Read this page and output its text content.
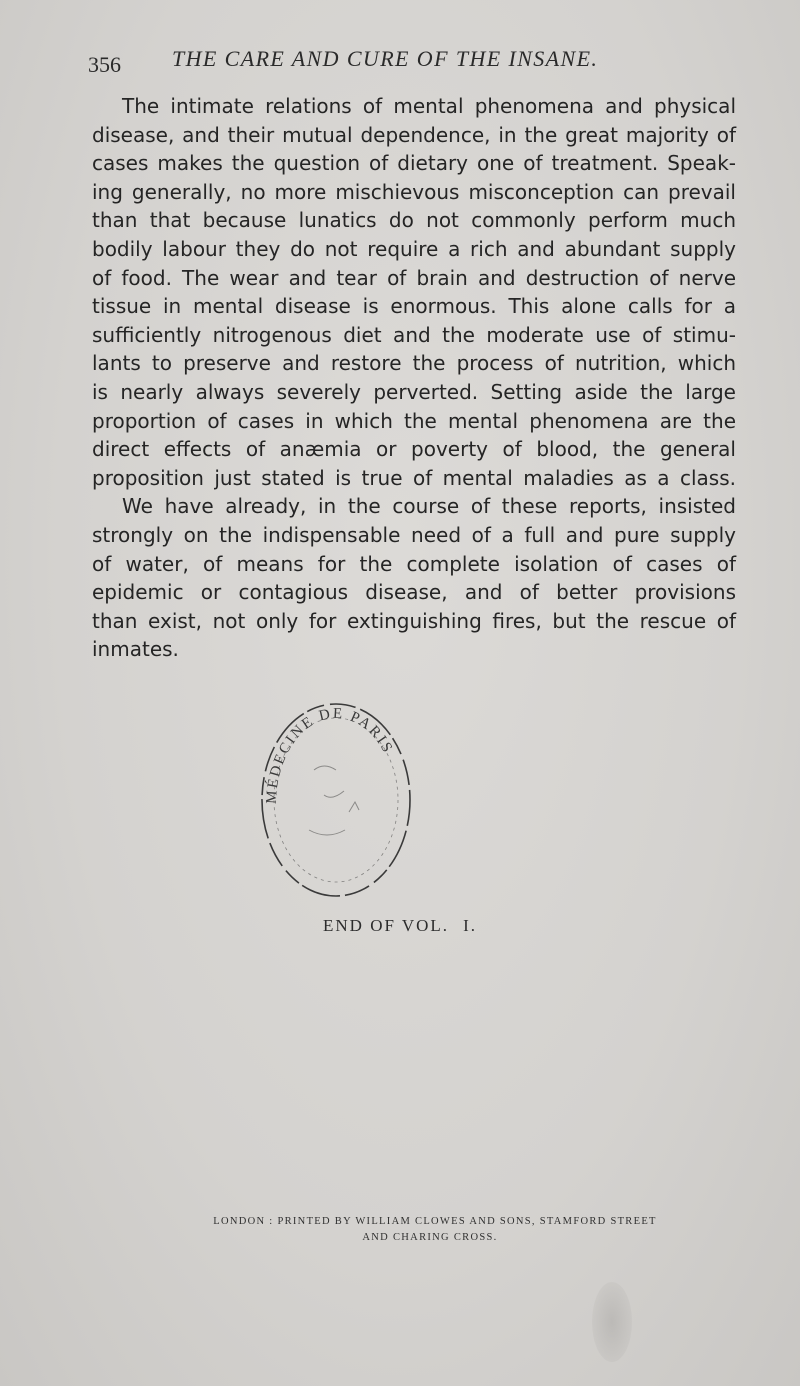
356 THE CARE AND CURE OF THE INSANE.
The intimate relations of mental phenomena and physical
disease, and their mutual dependence, in the great majority of
cases makes the question of dietary one of treatment. Speak-
ing generally, no more mischievous misconception can prevail
than that because lunatics do not commonly perform much
bodily labour they do not require a rich and abundant supply
of food. The wear and tear of brain and destruction of nerve
tissue in mental disease is enormous. This alone calls for a
sufficiently nitrogenous diet and the moderate use of stimu-
lants to preserve and restore the process of nutrition, which
is nearly always severely perverted. Setting aside the large
proportion of cases in which the mental phenomena are the
direct effects of anæmia or poverty of blood, the general
proposition just stated is true of mental maladies as a class.
We have already, in the course of these reports, insisted
strongly on the indispensable need of a full and pure supply
of water, of means for the complete isolation of cases of
epidemic or contagious disease, and of better provisions
than exist, not only for extinguishing fires, but the rescue of
inmates.
MÉDECINE DE PARIS
END OF VOL. I.
LONDON : PRINTED BY WILLIAM CLOWES AND SONS, STAMFORD STREET
AND CHARING CROSS.
